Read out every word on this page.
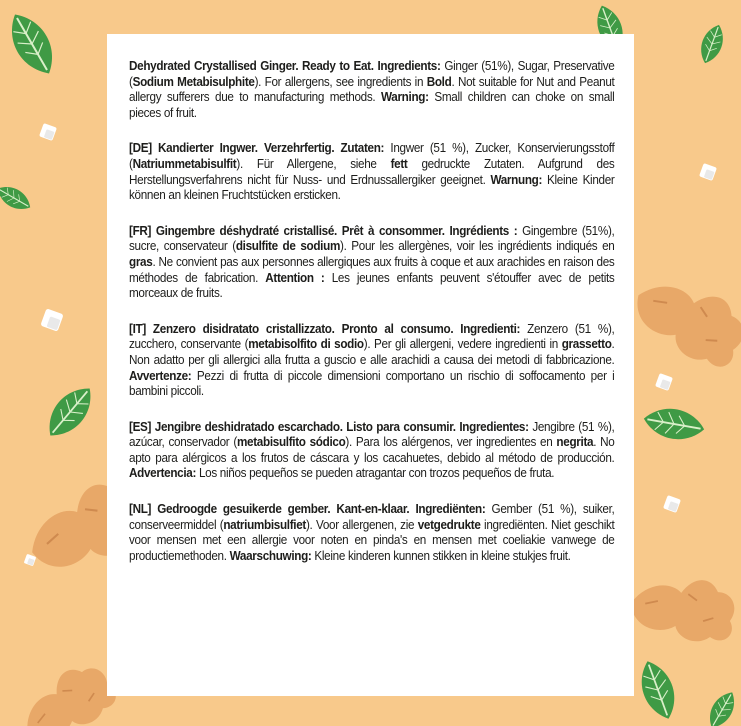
Dehydrated Crystallised Ginger. Ready to Eat. Ingredients: Ginger (51%), Sugar, Preservative (Sodium Metabisulphite). For allergens, see ingredients in Bold. Not suitable for Nut and Peanut allergy sufferers due to manufacturing methods. Warning: Small children can choke on small pieces of fruit.

[DE] Kandierter Ingwer. Verzehrfertig. Zutaten: Ingwer (51 %), Zucker, Konservierungsstoff (Natriummetabisulfit). Für Allergene, siehe fett gedruckte Zutaten. Aufgrund des Herstellungsverfahrens nicht für Nuss- und Erdnussallergiker geeignet. Warnung: Kleine Kinder können an kleinen Fruchtstücken ersticken.

[FR] Gingembre déshydraté cristallisé. Prêt à consommer. Ingrédients : Gingembre (51%), sucre, conservateur (disulfite de sodium). Pour les allergènes, voir les ingrédients indiqués en gras. Ne convient pas aux personnes allergiques aux fruits à coque et aux arachides en raison des méthodes de fabrication. Attention : Les jeunes enfants peuvent s'étouffer avec de petits morceaux de fruits.

[IT] Zenzero disidratato cristallizzato. Pronto al consumo. Ingredienti: Zenzero (51 %), zucchero, conservante (metabisolfito di sodio). Per gli allergeni, vedere ingredienti in grassetto. Non adatto per gli allergici alla frutta a guscio e alle arachidi a causa dei metodi di fabbricazione. Avvertenze: Pezzi di frutta di piccole dimensioni comportano un rischio di soffocamento per i bambini piccoli.

[ES] Jengibre deshidratado escarchado. Listo para consumir. Ingredientes: Jengibre (51 %), azúcar, conservador (metabisulfito sódico). Para los alérgenos, ver ingredientes en negrita. No apto para alérgicos a los frutos de cáscara y los cacahuetes, debido al método de producción. Advertencia: Los niños pequeños se pueden atragantar con trozos pequeños de fruta.

[NL] Gedroogde gesuikerde gember. Kant-en-klaar. Ingrediënten: Gember (51 %), suiker, conserveermiddel (natriumbisulfiet). Voor allergenen, zie vetgedrukte ingrediënten. Niet geschikt voor mensen met een allergie voor noten en pinda's en mensen met coeliakie vanwege de productiemethoden. Waarschuwing: Kleine kinderen kunnen stikken in kleine stukjes fruit.
